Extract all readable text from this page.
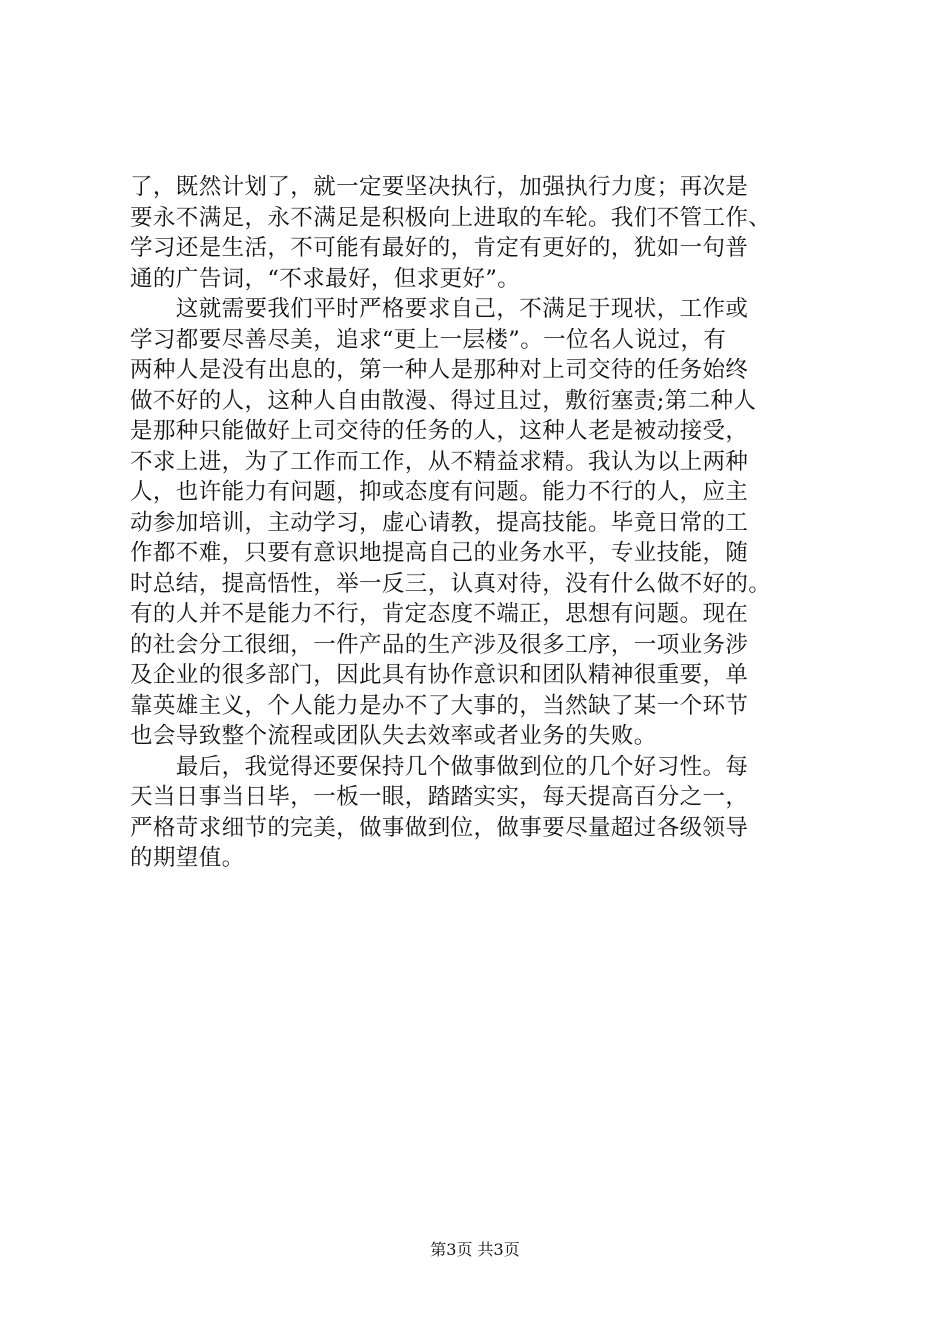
了，既然计划了，就一定要坚决执行，加强执行力度；再次是
要永不满足，永不满足是积极向上进取的车轮。我们不管工作、
学习还是生活，不可能有最好的，肯定有更好的，犹如一句普
通的广告词，“不求最好，但求更好”。
　　这就需要我们平时严格要求自己，不满足于现状，工作或
学习都要尽善尽美，追求“更上一层楼”。一位名人说过，有
两种人是没有出息的，第一种人是那种对上司交待的任务始终
做不好的人，这种人自由散漫、得过且过，敷衍塞责;第二种人
是那种只能做好上司交待的任务的人，这种人老是被动接受，
不求上进，为了工作而工作，从不精益求精。我认为以上两种
人，也许能力有问题，抑或态度有问题。能力不行的人，应主
动参加培训，主动学习，虚心请教，提高技能。毕竟日常的工
作都不难，只要有意识地提高自己的业务水平，专业技能，随
时总结，提高悟性，举一反三，认真对待，没有什么做不好的。
有的人并不是能力不行，肯定态度不端正，思想有问题。现在
的社会分工很细，一件产品的生产涉及很多工序，一项业务涉
及企业的很多部门，因此具有协作意识和团队精神很重要，单
靠英雄主义，个人能力是办不了大事的，当然缺了某一个环节
也会导致整个流程或团队失去效率或者业务的失败。
　　最后，我觉得还要保持几个做事做到位的几个好习性。每
天当日事当日毕，一板一眼，踏踏实实，每天提高百分之一，
严格苛求细节的完美，做事做到位，做事要尽量超过各级领导
的期望值。
第3页 共3页
